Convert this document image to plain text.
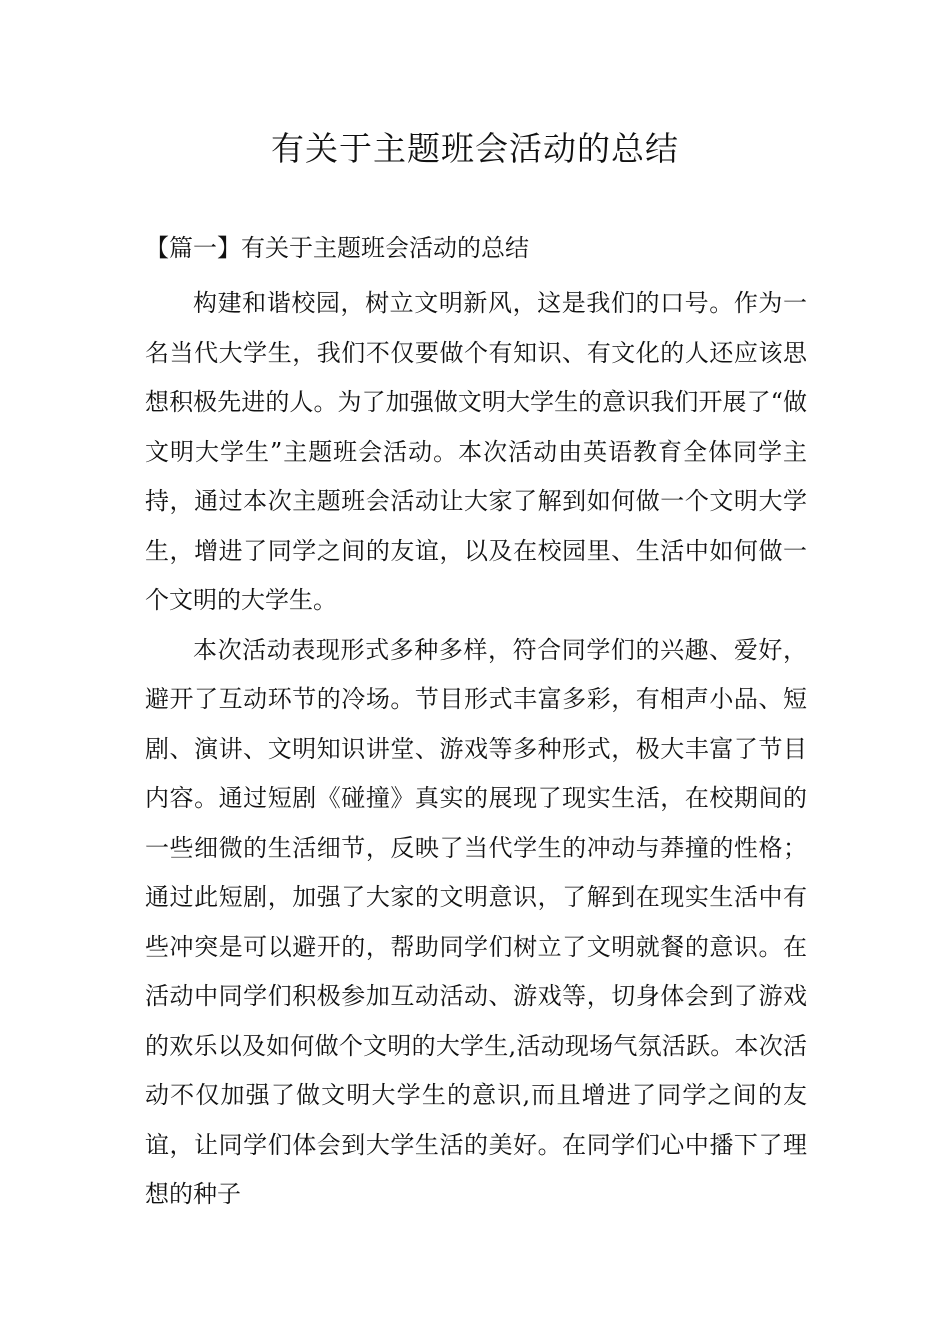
有关于主题班会活动的总结
【篇一】有关于主题班会活动的总结

构建和谐校园，树立文明新风，这是我们的口号。作为一名当代大学生，我们不仅要做个有知识、有文化的人还应该思想积极先进的人。为了加强做文明大学生的意识我们开展了“做文明大学生”主题班会活动。本次活动由英语教育全体同学主持，通过本次主题班会活动让大家了解到如何做一个文明大学生，增进了同学之间的友谊，以及在校园里、生活中如何做一个文明的大学生。

本次活动表现形式多种多样，符合同学们的兴趣、爱好，避开了互动环节的冷场。节目形式丰富多彩，有相声小品、短剧、演讲、文明知识讲堂、游戏等多种形式，极大丰富了节目内容。通过短剧《碰撞》真实的展现了现实生活，在校期间的一些细微的生活细节，反映了当代学生的冲动与莽撞的性格；通过此短剧，加强了大家的文明意识，了解到在现实生活中有些冲突是可以避开的，帮助同学们树立了文明就餐的意识。在活动中同学们积极参加互动活动、游戏等，切身体会到了游戏的欢乐以及如何做个文明的大学生,活动现场气氛活跃。本次活动不仅加强了做文明大学生的意识,而且增进了同学之间的友谊，让同学们体会到大学生活的美好。在同学们心中播下了理想的种子
